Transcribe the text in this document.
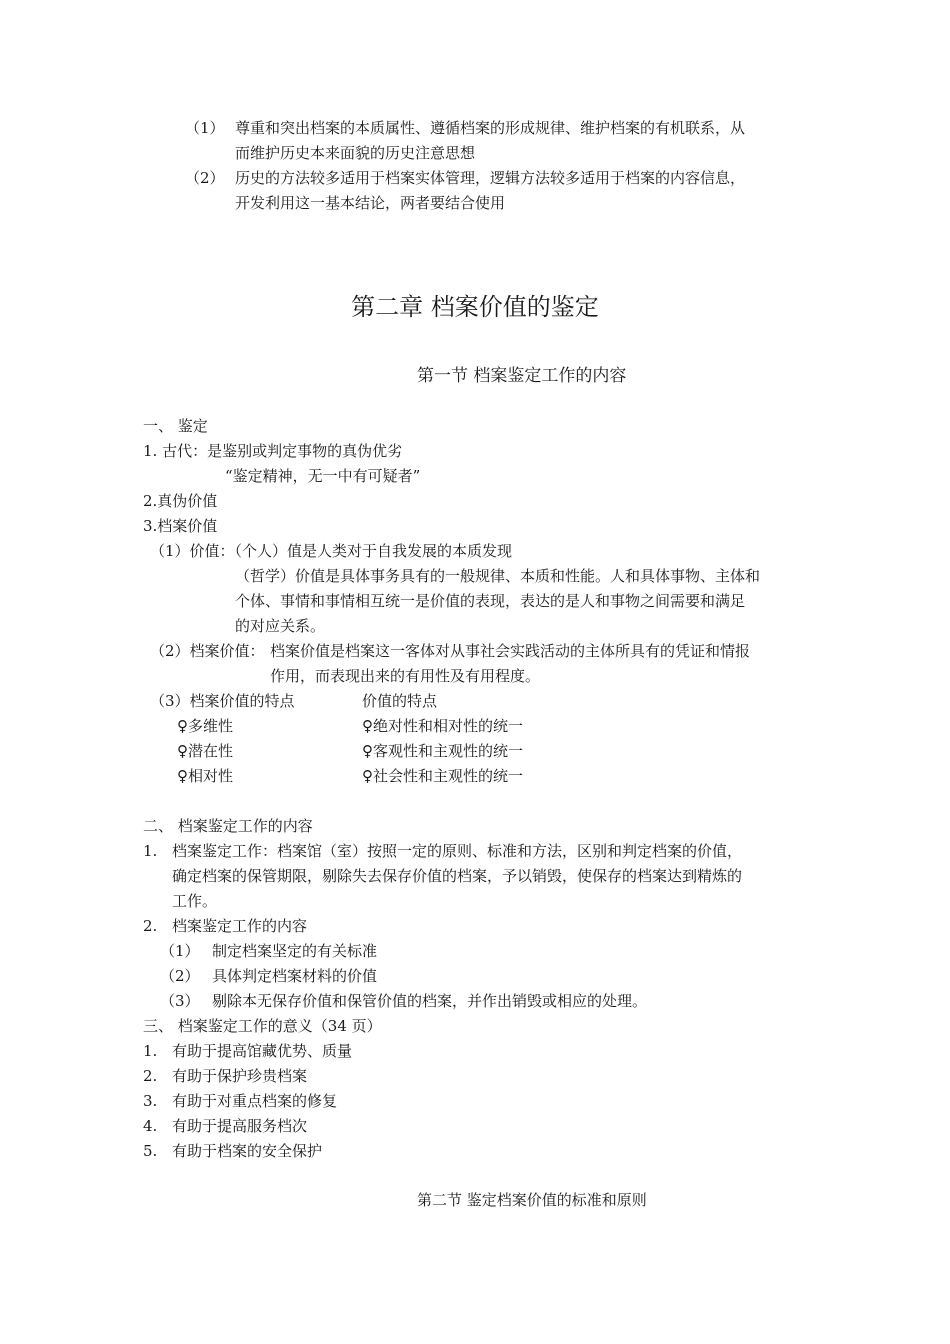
（1） 尊重和突出档案的本质属性、遵循档案的形成规律、维护档案的有机联系，从
而维护历史本来面貌的历史注意思想
（2） 历史的方法较多适用于档案实体管理，逻辑方法较多适用于档案的内容信息，
开发利用这一基本结论，两者要结合使用
第二章 档案价值的鉴定
第一节 档案鉴定工作的内容
一、 鉴定
1. 古代：是鉴别或判定事物的真伪优劣
“鉴定精神，无一中有可疑者”
2.真伪价值
3.档案价值
（1）价值：
（个人）值是人类对于自我发展的本质发现
（哲学）价值是具体事务具有的一般规律、本质和性能。人和具体事物、主体和
个体、事情和事情相互统一是价值的表现，表达的是人和事物之间需要和满足
的对应关系。
（2）档案价值： 档案价值是档案这一客体对从事社会实践活动的主体所具有的凭证和情报
作用，而表现出来的有用性及有用程度。
（3）档案价值的特点	价值的特点
♀多维性
♀潜在性
♀相对性
♀绝对性和相对性的统一
♀客观性和主观性的统一
♀社会性和主观性的统一
二、 档案鉴定工作的内容
1. 档案鉴定工作：档案馆（室）按照一定的原则、标准和方法，区别和判定档案的价值，
确定档案的保管期限，剔除失去保存价值的档案，予以销毁，使保存的档案达到精炼的
工作。
2. 档案鉴定工作的内容
（1） 制定档案坚定的有关标准
（2） 具体判定档案材料的价值
（3） 剔除本无保存价值和保管价值的档案，并作出销毁或相应的处理。
三、 档案鉴定工作的意义（34 页）
1. 有助于提高馆藏优势、质量
2. 有助于保护珍贵档案
3. 有助于对重点档案的修复
4. 有助于提高服务档次
5. 有助于档案的安全保护
第二节 鉴定档案价值的标准和原则
